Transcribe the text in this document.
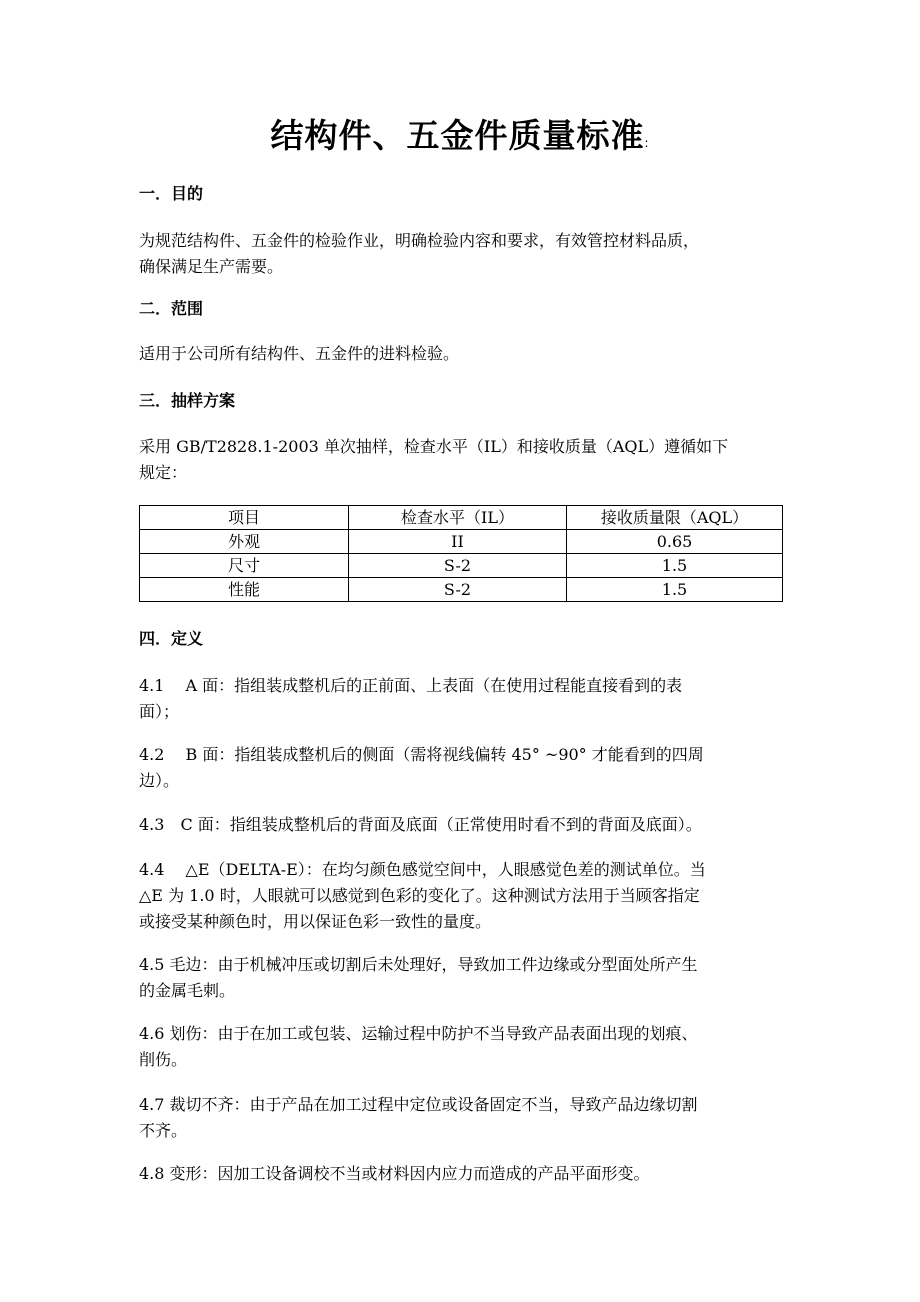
结构件、五金件质量标准:
一．目的

为规范结构件、五金件的检验作业，明确检验内容和要求，有效管控材料品质，
确保满足生产需要。

二．范围

适用于公司所有结构件、五金件的进料检验。

三．抽样方案

采用 GB/T2828.1-2003 单次抽样，检查水平（IL）和接收质量（AQL）遵循如下
规定：

项目	检查水平（IL）	接收质量限（AQL）
外观	II	0.65
尺寸	S-2	1.5
性能	S-2	1.5
四．定义

4.1　 A 面：指组装成整机后的正前面、上表面（在使用过程能直接看到的表
面）；

4.2　 B 面：指组装成整机后的侧面（需将视线偏转 45° ~90° 才能看到的四周
边）。

4.3　C 面：指组装成整机后的背面及底面（正常使用时看不到的背面及底面）。

4.4　 △E（DELTA-E）：在均匀颜色感觉空间中，人眼感觉色差的测试单位。当
△E 为 1.0 时，人眼就可以感觉到色彩的变化了。这种测试方法用于当顾客指定
或接受某种颜色时，用以保证色彩一致性的量度。

4.5 毛边：由于机械冲压或切割后未处理好，导致加工件边缘或分型面处所产生
的金属毛刺。

4.6 划伤：由于在加工或包装、运输过程中防护不当导致产品表面出现的划痕、
削伤。

4.7 裁切不齐：由于产品在加工过程中定位或设备固定不当，导致产品边缘切割
不齐。

4.8 变形：因加工设备调校不当或材料因内应力而造成的产品平面形变。
